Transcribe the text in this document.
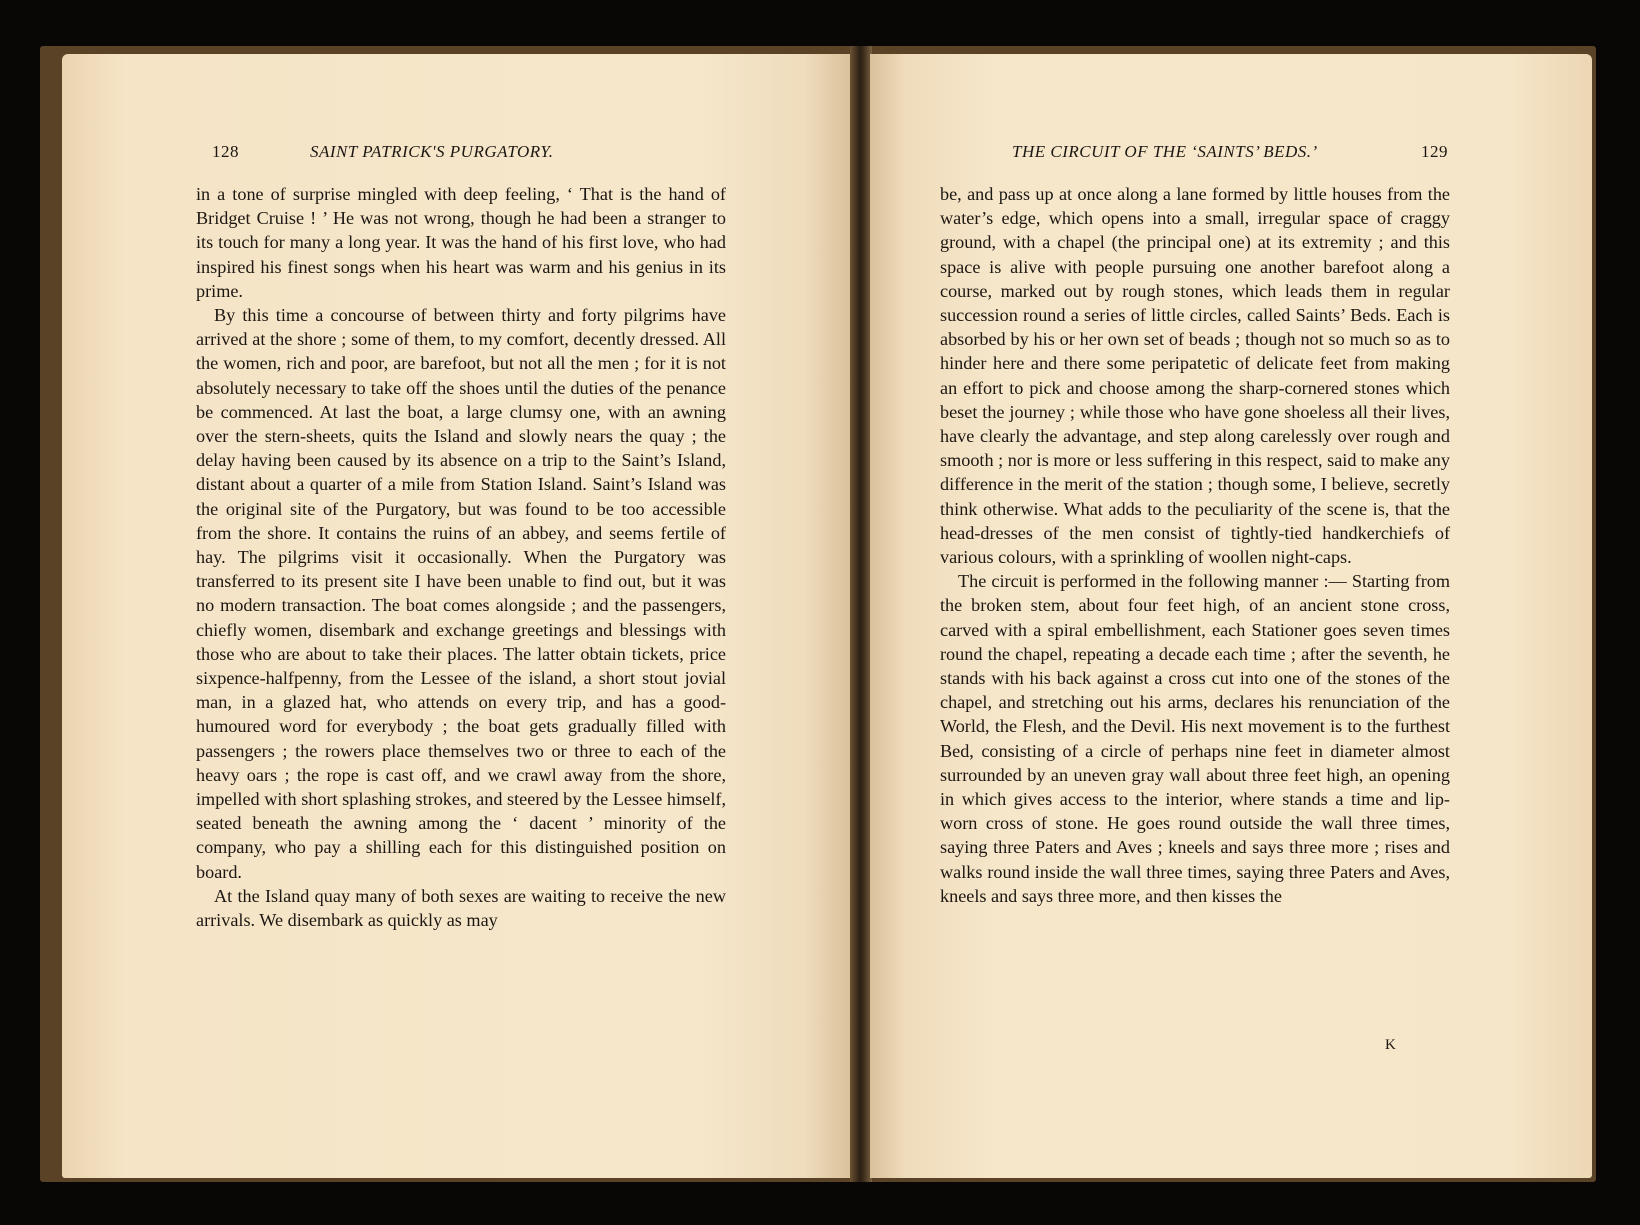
128	SAINT PATRICK'S PURGATORY.

in a tone of surprise mingled with deep feeling, ‘ That is the hand of Bridget Cruise ! ’ He was not wrong, though he had been a stranger to its touch for many a long year. It was the hand of his first love, who had inspired his finest songs when his heart was warm and his genius in its prime.

By this time a concourse of between thirty and forty pilgrims have arrived at the shore ; some of them, to my comfort, decently dressed. All the women, rich and poor, are barefoot, but not all the men ; for it is not absolutely necessary to take off the shoes until the duties of the penance be commenced. At last the boat, a large clumsy one, with an awning over the stern-sheets, quits the Island and slowly nears the quay ; the delay having been caused by its absence on a trip to the Saint’s Island, distant about a quarter of a mile from Station Island. Saint’s Island was the original site of the Purgatory, but was found to be too accessible from the shore. It contains the ruins of an abbey, and seems fertile of hay. The pilgrims visit it occasionally. When the Purgatory was transferred to its present site I have been unable to find out, but it was no modern transaction. The boat comes alongside ; and the passengers, chiefly women, disembark and exchange greetings and blessings with those who are about to take their places. The latter obtain tickets, price sixpence-halfpenny, from the Lessee of the island, a short stout jovial man, in a glazed hat, who attends on every trip, and has a good-humoured word for everybody ; the boat gets gradually filled with passengers ; the rowers place themselves two or three to each of the heavy oars ; the rope is cast off, and we crawl away from the shore, impelled with short splashing strokes, and steered by the Lessee himself, seated beneath the awning among the ‘ dacent ’ minority of the company, who pay a shilling each for this distinguished position on board.

At the Island quay many of both sexes are waiting to receive the new arrivals. We disembark as quickly as may

THE CIRCUIT OF THE ‘SAINTS’ BEDS.’	129

be, and pass up at once along a lane formed by little houses from the water’s edge, which opens into a small, irregular space of craggy ground, with a chapel (the principal one) at its extremity ; and this space is alive with people pursuing one another barefoot along a course, marked out by rough stones, which leads them in regular succession round a series of little circles, called Saints’ Beds. Each is absorbed by his or her own set of beads ; though not so much so as to hinder here and there some peripatetic of delicate feet from making an effort to pick and choose among the sharp-cornered stones which beset the journey ; while those who have gone shoeless all their lives, have clearly the advantage, and step along carelessly over rough and smooth ; nor is more or less suffering in this respect, said to make any difference in the merit of the station ; though some, I believe, secretly think otherwise. What adds to the peculiarity of the scene is, that the head-dresses of the men consist of tightly-tied handkerchiefs of various colours, with a sprinkling of woollen night-caps.

The circuit is performed in the following manner :— Starting from the broken stem, about four feet high, of an ancient stone cross, carved with a spiral embellishment, each Stationer goes seven times round the chapel, repeating a decade each time ; after the seventh, he stands with his back against a cross cut into one of the stones of the chapel, and stretching out his arms, declares his renunciation of the World, the Flesh, and the Devil. His next movement is to the furthest Bed, consisting of a circle of perhaps nine feet in diameter almost surrounded by an uneven gray wall about three feet high, an opening in which gives access to the interior, where stands a time and lip-worn cross of stone. He goes round outside the wall three times, saying three Paters and Aves ; kneels and says three more ; rises and walks round inside the wall three times, saying three Paters and Aves, kneels and says three more, and then kisses the

K
